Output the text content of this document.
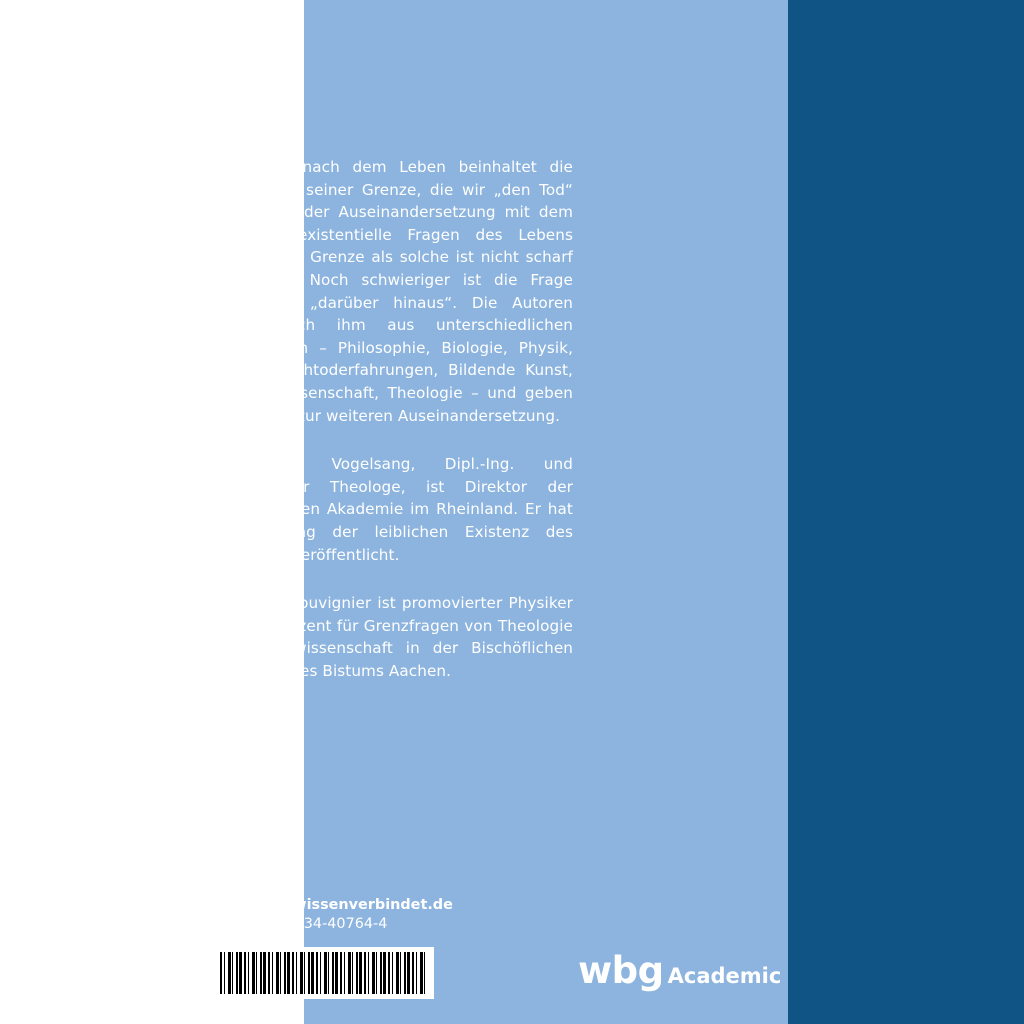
Die Frage nach dem Leben beinhaltet die Frage nach seiner Grenze, die wir „den Tod“ nennen. In der Auseinandersetzung mit dem Tod sind existentielle Fragen des Lebens berührt. Die Grenze als solche ist nicht scharf definierbar. Noch schwieriger ist die Frage nach dem „darüber hinaus“. Die Autoren nähern sich ihm aus unterschiedlichen Perspektiven – Philosophie, Biologie, Physik, Medizin, Nahtoderfahrungen, Bildende Kunst, Literaturwissenschaft, Theologie – und geben so Impulse zur weiteren Auseinandersetzung.

Dr. Frank Vogelsang, Dipl.-Ing. und promovierter Theologe, ist Direktor der Evangelischen Akademie im Rheinland. Er hat zur Deutung der leiblichen Existenz des Menschen veröffentlicht.

Dr. Georg Souvignier ist promovierter Physiker und war Dozent für Grenzfragen von Theologie und Naturwissenschaft in der Bischöflichen Akademie des Bistums Aachen.

www.wbg-wissenverbindet.de
ISBN 978-3-534-40764-4
wbg Academic
